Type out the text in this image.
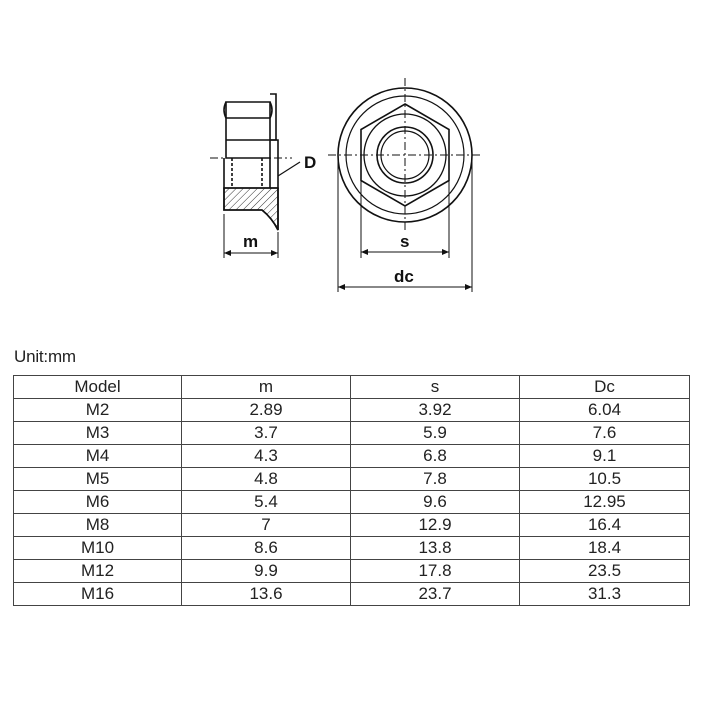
D
m	s
dc
Unit:mm
Model	m	s	Dc
M2	2.89	3.92	6.04
M3	3.7	5.9	7.6
M4	4.3	6.8	9.1
M5	4.8	7.8	10.5
M6	5.4	9.6	12.95
M8	7	12.9	16.4
M10	8.6	13.8	18.4
M12	9.9	17.8	23.5
M16	13.6	23.7	31.3
